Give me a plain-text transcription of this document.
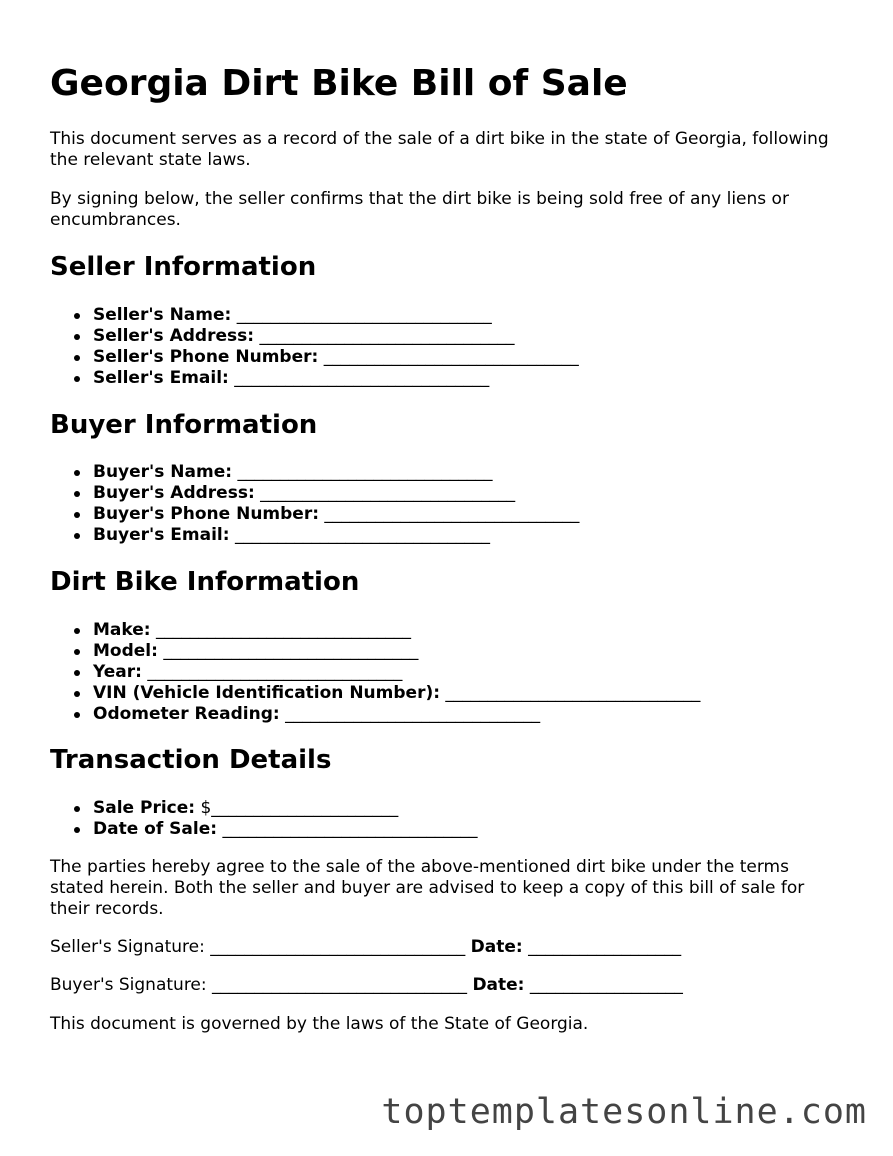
Georgia Dirt Bike Bill of Sale

This document serves as a record of the sale of a dirt bike in the state of Georgia, following the relevant state laws.

By signing below, the seller confirms that the dirt bike is being sold free of any liens or encumbrances.

Seller Information
Seller's Name: ______________________________
Seller's Address: ______________________________
Seller's Phone Number: ______________________________
Seller's Email: ______________________________
Buyer Information
Buyer's Name: ______________________________
Buyer's Address: ______________________________
Buyer's Phone Number: ______________________________
Buyer's Email: ______________________________
Dirt Bike Information
Make: ______________________________
Model: ______________________________
Year: ______________________________
VIN (Vehicle Identification Number): ______________________________
Odometer Reading: ______________________________
Transaction Details
Sale Price: $______________________
Date of Sale: ______________________________

The parties hereby agree to the sale of the above-mentioned dirt bike under the terms stated herein. Both the seller and buyer are advised to keep a copy of this bill of sale for their records.

Seller's Signature: ______________________________ Date: __________________

Buyer's Signature: ______________________________ Date: __________________

This document is governed by the laws of the State of Georgia.

toptemplatesonline.com
